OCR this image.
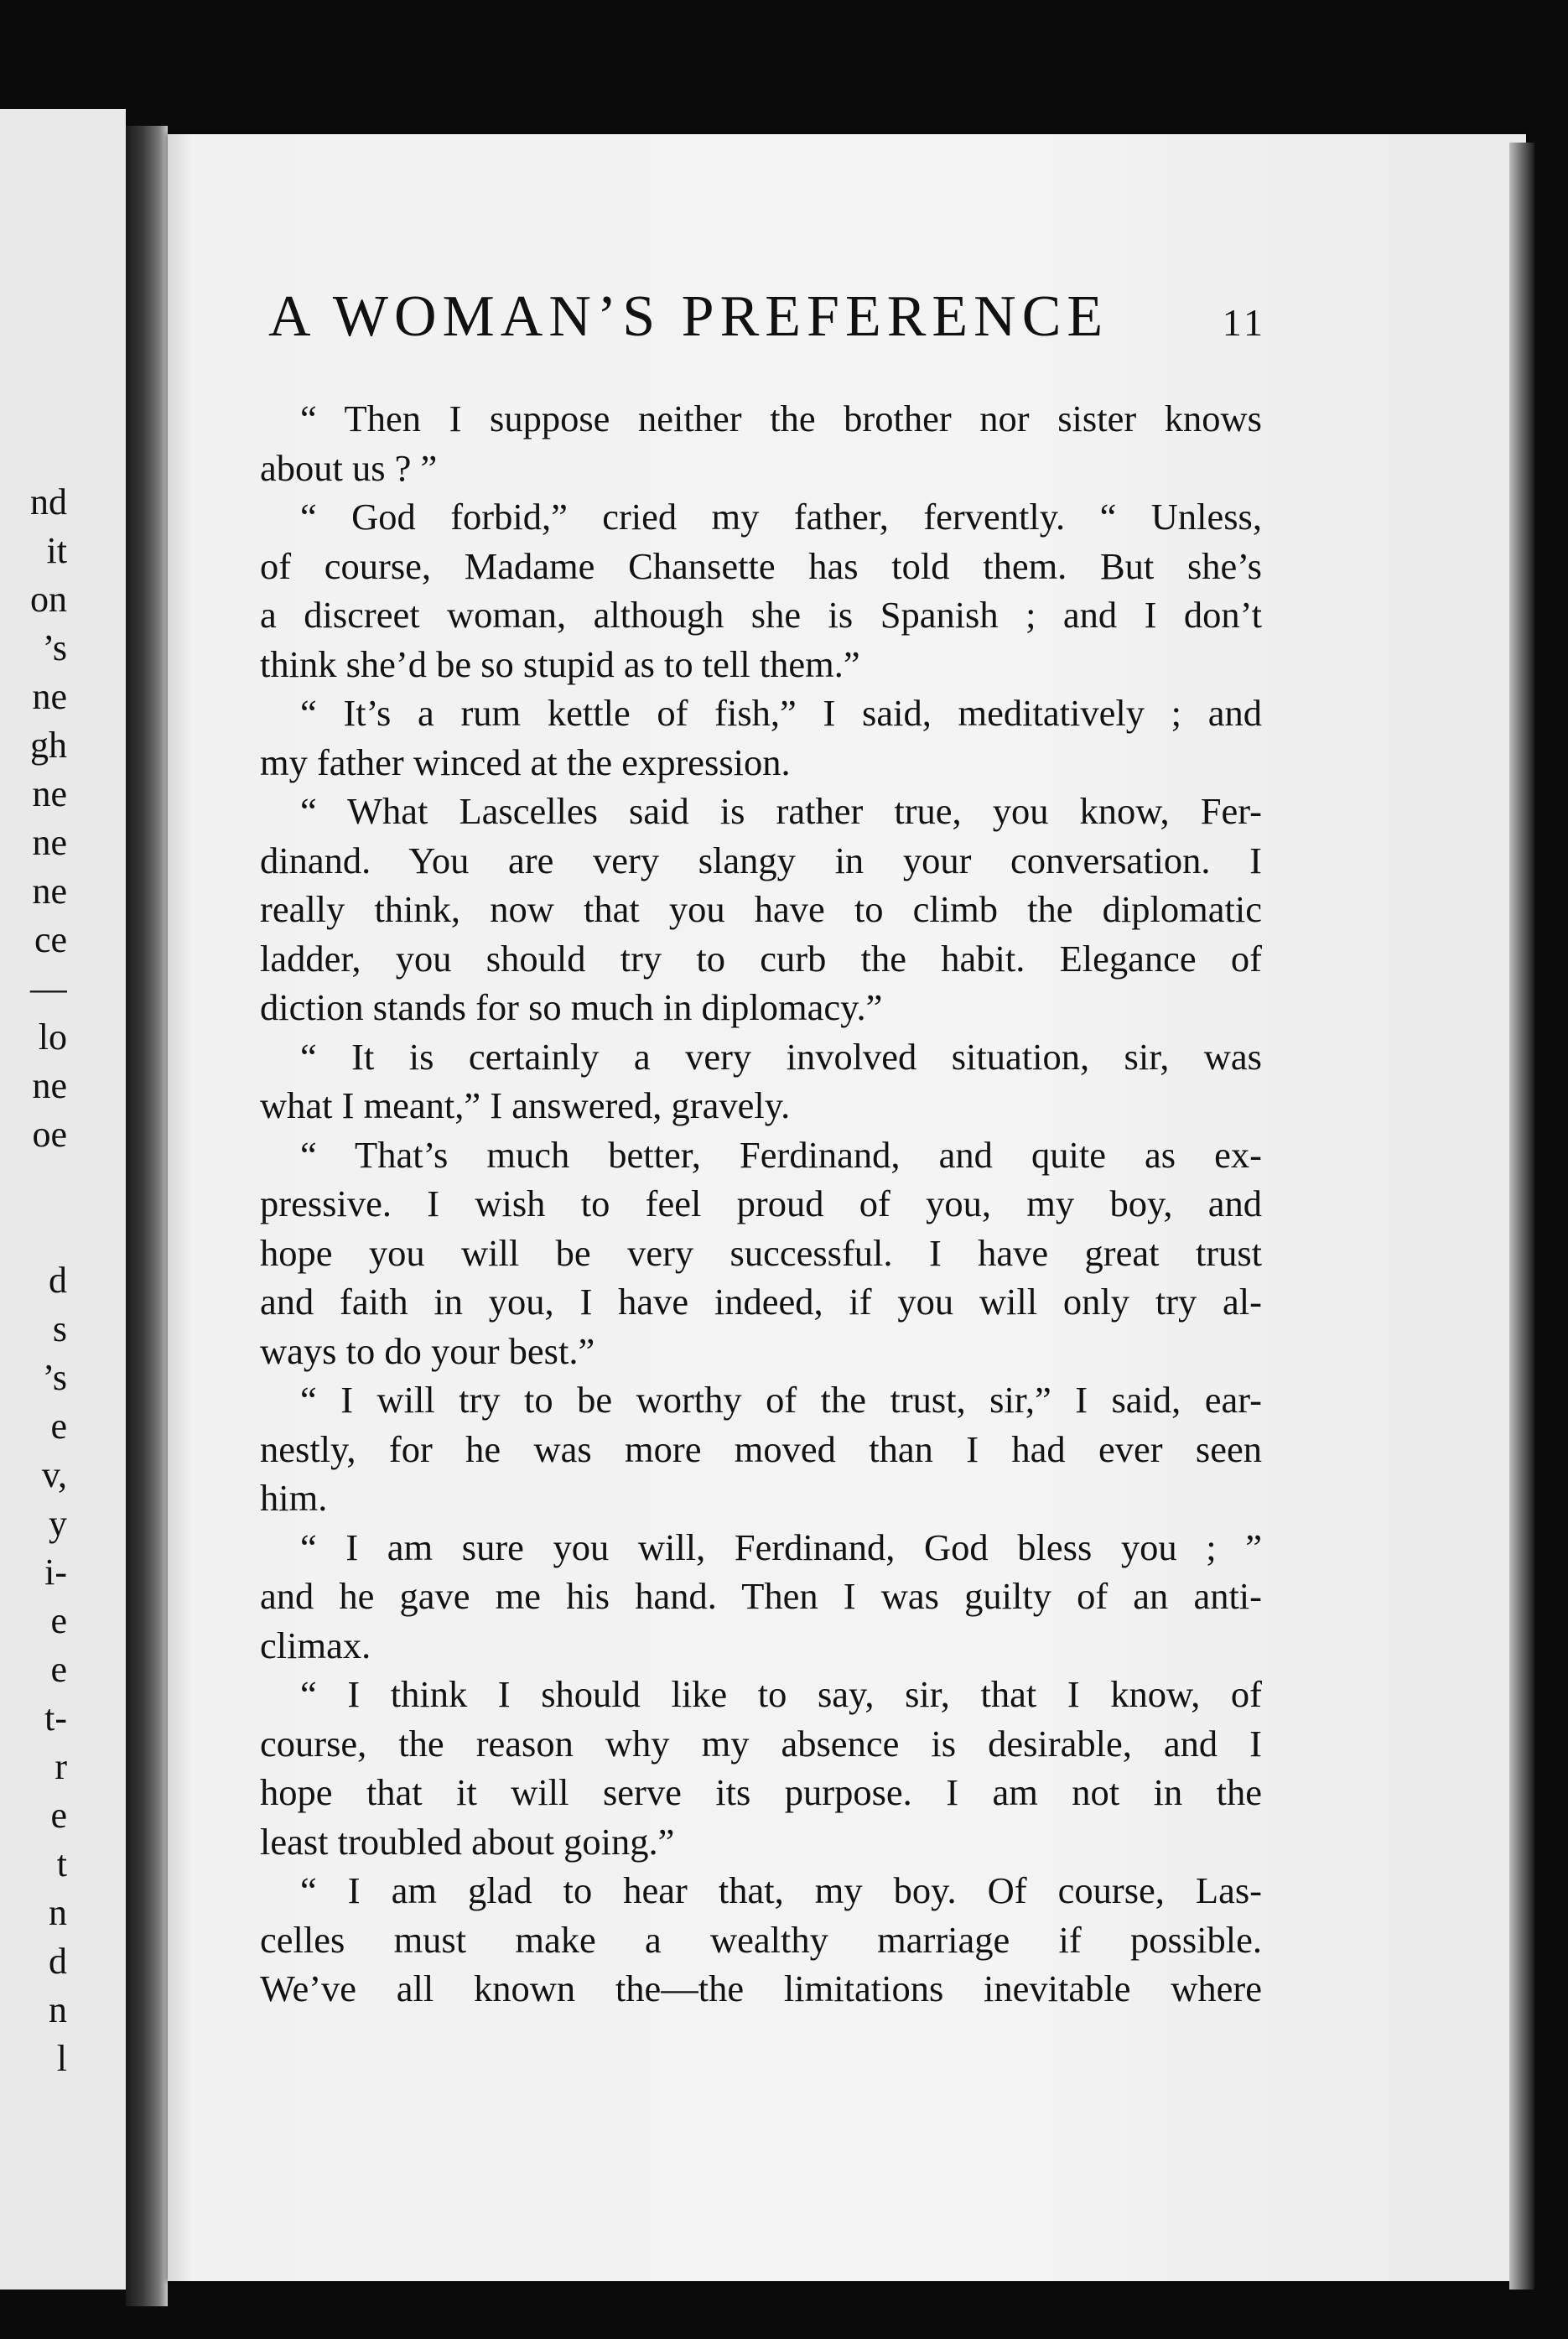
nd
it
on
’s
ne
gh
ne
ne
ne
ce
—
lo
ne
oe
d
s
’s
e
v,
y
i-
e
e
t-
r
e
t
n
d
n
l
A WOMAN’S PREFERENCE	11
“ Then I suppose neither the brother nor sister knows
about us ? ”
“ God forbid,” cried my father, fervently. “ Unless,
of course, Madame Chansette has told them. But she’s
a discreet woman, although she is Spanish ; and I don’t
think she’d be so stupid as to tell them.”
“ It’s a rum kettle of fish,” I said, meditatively ; and
my father winced at the expression.
“ What Lascelles said is rather true, you know, Fer-
dinand. You are very slangy in your conversation. I
really think, now that you have to climb the diplomatic
ladder, you should try to curb the habit. Elegance of
diction stands for so much in diplomacy.”
“ It is certainly a very involved situation, sir, was
what I meant,” I answered, gravely.
“ That’s much better, Ferdinand, and quite as ex-
pressive. I wish to feel proud of you, my boy, and
hope you will be very successful. I have great trust
and faith in you, I have indeed, if you will only try al-
ways to do your best.”
“ I will try to be worthy of the trust, sir,” I said, ear-
nestly, for he was more moved than I had ever seen
him.
“ I am sure you will, Ferdinand, God bless you ; ”
and he gave me his hand. Then I was guilty of an anti-
climax.
“ I think I should like to say, sir, that I know, of
course, the reason why my absence is desirable, and I
hope that it will serve its purpose. I am not in the
least troubled about going.”
“ I am glad to hear that, my boy. Of course, Las-
celles must make a wealthy marriage if possible.
We’ve all known the—the limitations inevitable where
